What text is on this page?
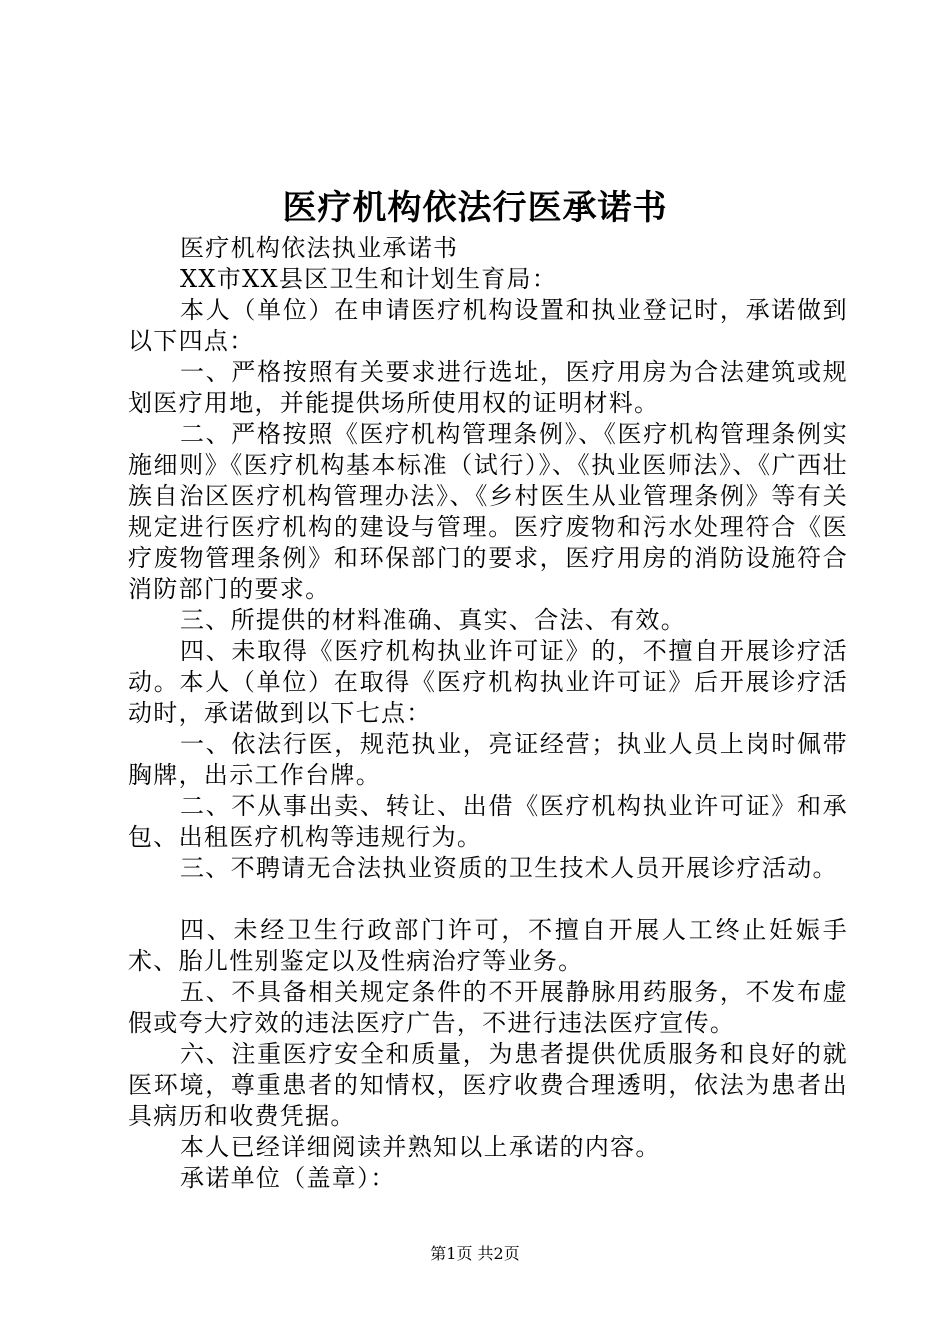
医疗机构依法行医承诺书

医疗机构依法执业承诺书

XX市XX县区卫生和计划生育局：

本人（单位）在申请医疗机构设置和执业登记时，承诺做到以下四点：

一、严格按照有关要求进行选址，医疗用房为合法建筑或规划医疗用地，并能提供场所使用权的证明材料。

二、严格按照《医疗机构管理条例》、《医疗机构管理条例实施细则》《医疗机构基本标准（试行）》、《执业医师法》、《广西壮族自治区医疗机构管理办法》、《乡村医生从业管理条例》等有关规定进行医疗机构的建设与管理。医疗废物和污水处理符合《医疗废物管理条例》和环保部门的要求，医疗用房的消防设施符合消防部门的要求。

三、所提供的材料准确、真实、合法、有效。

四、未取得《医疗机构执业许可证》的，不擅自开展诊疗活动。本人（单位）在取得《医疗机构执业许可证》后开展诊疗活动时，承诺做到以下七点：

一、依法行医，规范执业，亮证经营；执业人员上岗时佩带胸牌，出示工作台牌。

二、不从事出卖、转让、出借《医疗机构执业许可证》和承包、出租医疗机构等违规行为。

三、不聘请无合法执业资质的卫生技术人员开展诊疗活动。

四、未经卫生行政部门许可，不擅自开展人工终止妊娠手术、胎儿性别鉴定以及性病治疗等业务。

五、不具备相关规定条件的不开展静脉用药服务，不发布虚假或夸大疗效的违法医疗广告，不进行违法医疗宣传。

六、注重医疗安全和质量，为患者提供优质服务和良好的就医环境，尊重患者的知情权，医疗收费合理透明，依法为患者出具病历和收费凭据。

本人已经详细阅读并熟知以上承诺的内容。

承诺单位（盖章）：

第1页 共2页
